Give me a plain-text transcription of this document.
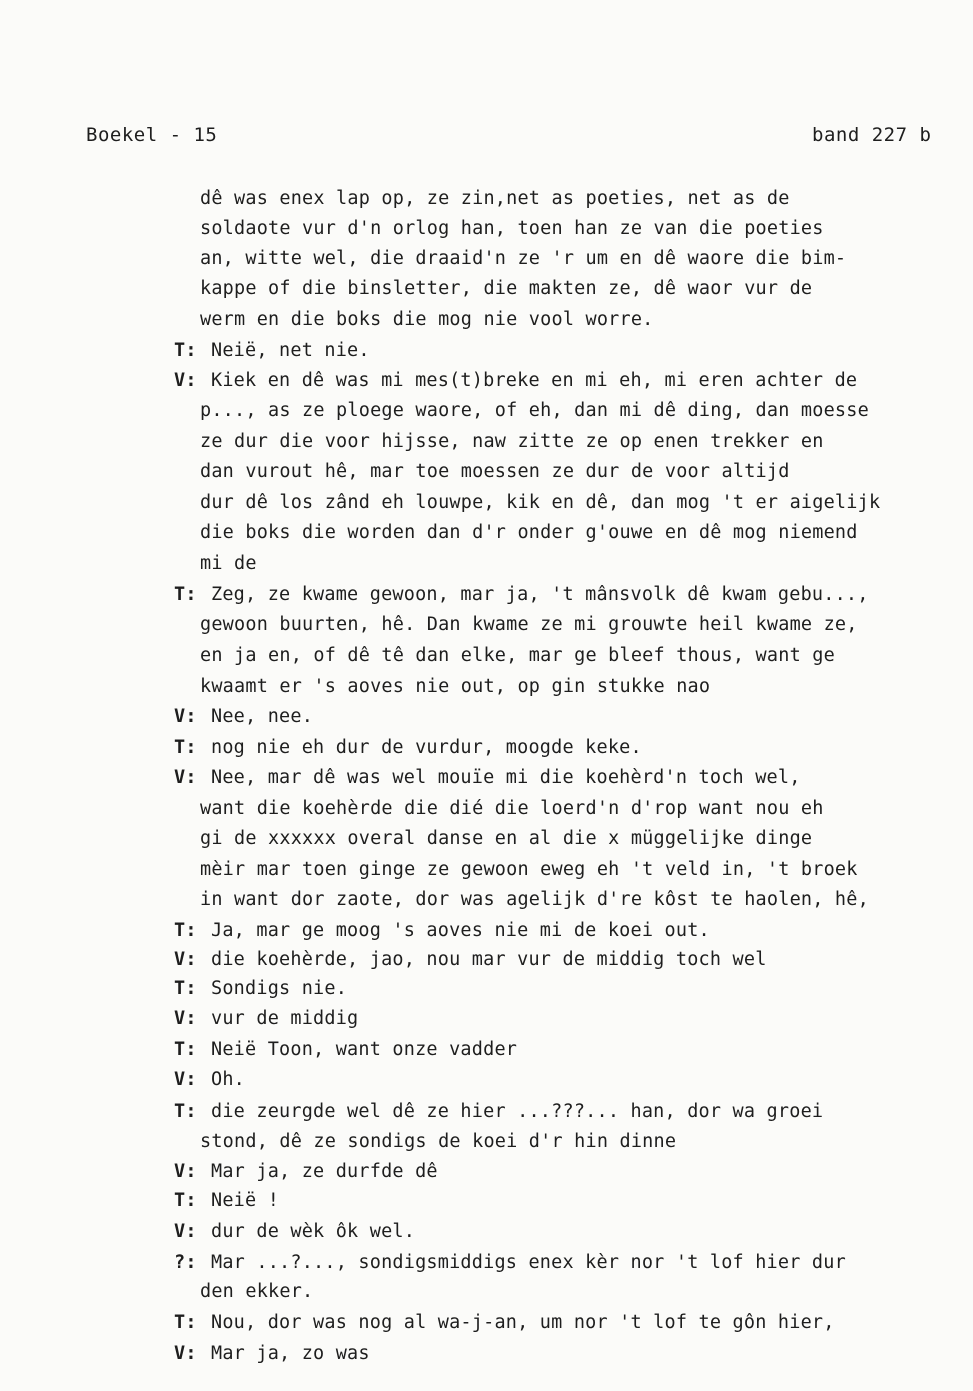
Boekel - 15	band 227 b
dê was enex lap op, ze zin,net as poeties, net as de
soldaote vur d'n orlog han, toen han ze van die poeties
an, witte wel, die draaid'n ze 'r um en dê waore die bim-
kappe of die binsletter, die makten ze, dê waor vur de
werm en die boks die mog nie vool worre.
T: Neië, net nie.
V: Kiek en dê was mi mes(t)breke en mi eh, mi eren achter de
p..., as ze ploege waore, of eh, dan mi dê ding, dan moesse
ze dur die voor hijsse, naw zitte ze op enen trekker en
dan vurout hê, mar toe moessen ze dur de voor altijd
dur dê los zând eh louwpe, kik en dê, dan mog 't er aigelijk
die boks die worden dan d'r onder g'ouwe en dê mog niemend
mi de
T: Zeg, ze kwame gewoon, mar ja, 't mânsvolk dê kwam gebu...,
gewoon buurten, hê. Dan kwame ze mi grouwte heil kwame ze,
en ja en, of dê tê dan elke, mar ge bleef thous, want ge
kwaamt er 's aoves nie out, op gin stukke nao
V: Nee, nee.
T: nog nie eh dur de vurdur, moogde keke.
V: Nee, mar dê was wel mouïe mi die koehèrd'n toch wel,
want die koehèrde die dié die loerd'n d'rop want nou eh
gi de xxxxxx overal danse en al die x müggelijke dinge
mèir mar toen ginge ze gewoon eweg eh 't veld in, 't broek
in want dor zaote, dor was agelijk d're kôst te haolen, hê,
T: Ja, mar ge moog 's aoves nie mi de koei out.
V: die koehèrde, jao, nou mar vur de middig toch wel
T: Sondigs nie.
V: vur de middig
T: Neië Toon, want onze vadder
V: Oh.
T: die zeurgde wel dê ze hier ...???... han, dor wa groei
stond, dê ze sondigs de koei d'r hin dinne
V: Mar ja, ze durfde dê
T: Neië !
V: dur de wèk ôk wel.
?: Mar ...?..., sondigsmiddigs enex kèr nor 't lof hier dur
den ekker.
T: Nou, dor was nog al wa-j-an, um nor 't lof te gôn hier,
V: Mar ja, zo was
